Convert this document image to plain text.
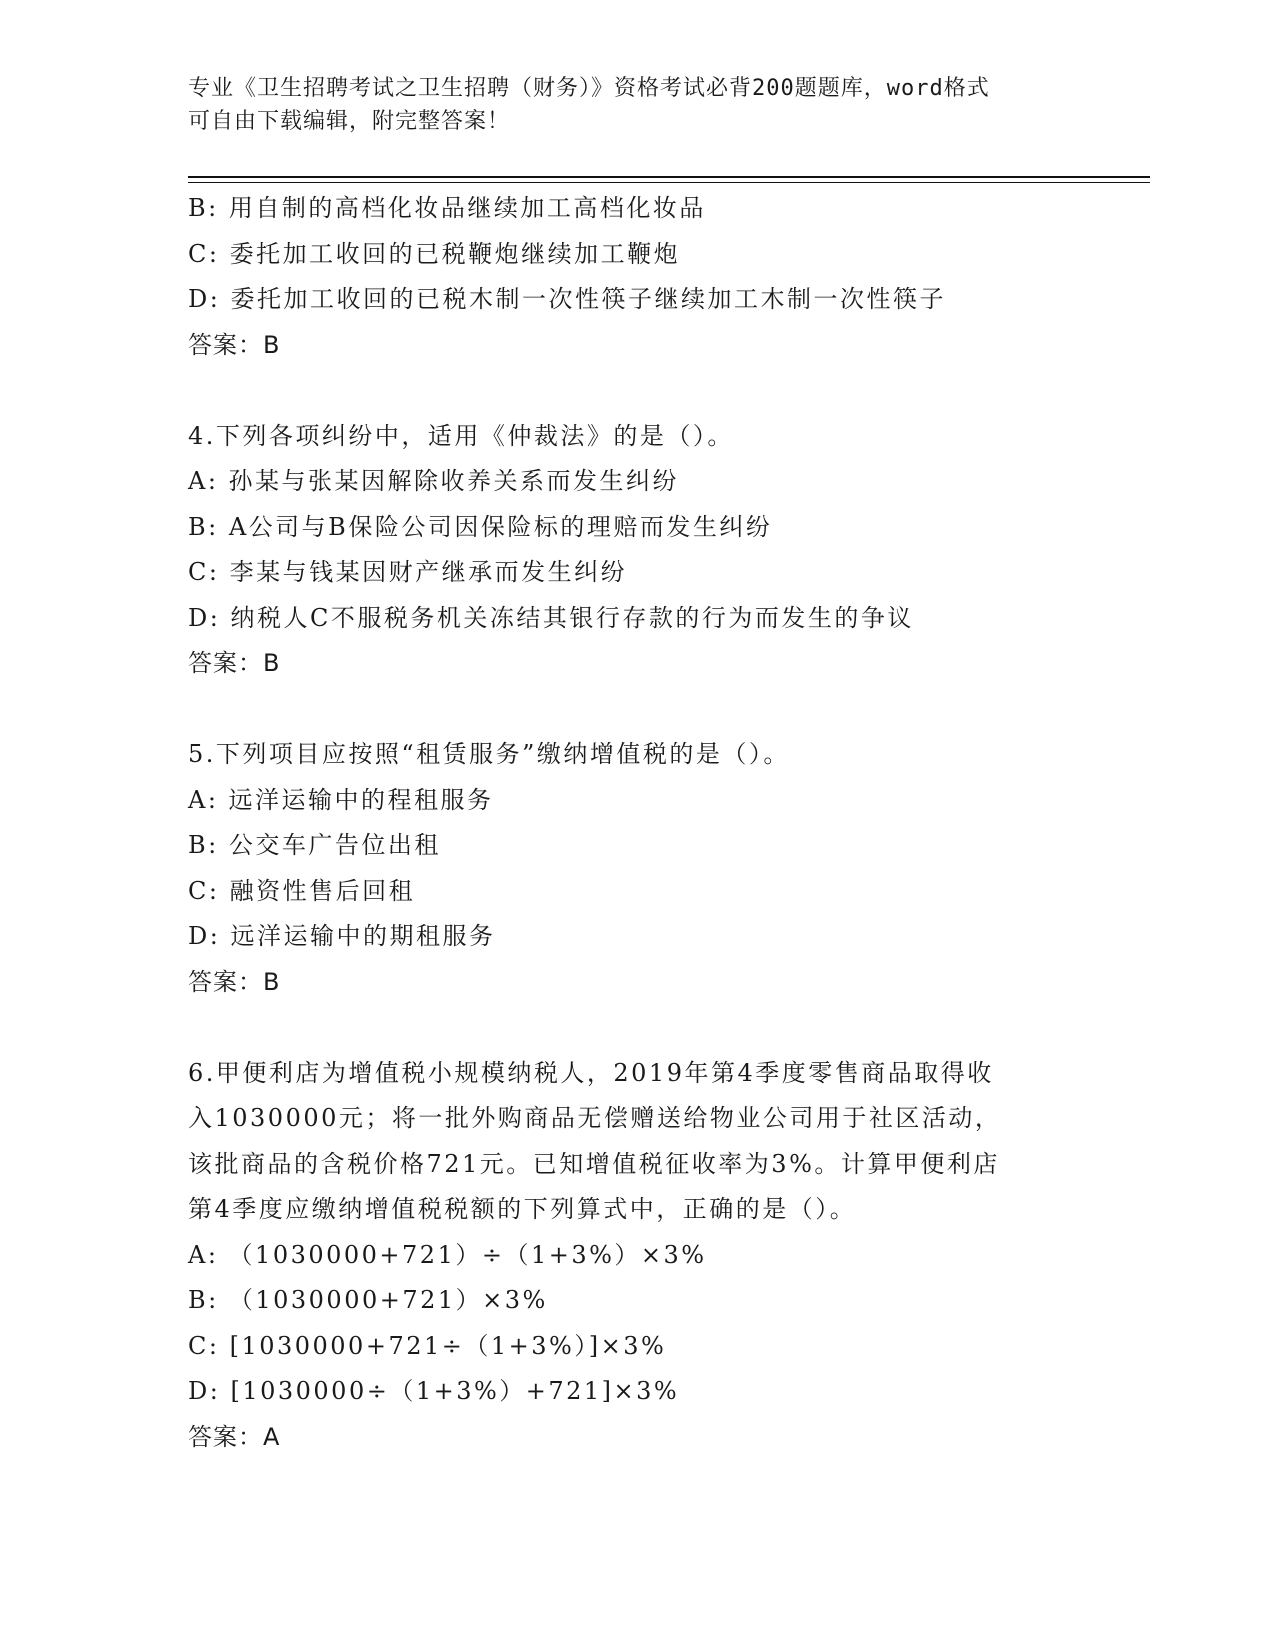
专业《卫生招聘考试之卫生招聘（财务）》资格考试必背200题题库，word格式
可自由下载编辑，附完整答案！
B: 用自制的高档化妆品继续加工高档化妆品
C: 委托加工收回的已税鞭炮继续加工鞭炮
D: 委托加工收回的已税木制一次性筷子继续加工木制一次性筷子
答案：B
4.下列各项纠纷中，适用《仲裁法》的是（）。
A: 孙某与张某因解除收养关系而发生纠纷
B: A公司与B保险公司因保险标的理赔而发生纠纷
C: 李某与钱某因财产继承而发生纠纷
D: 纳税人C不服税务机关冻结其银行存款的行为而发生的争议
答案：B
5.下列项目应按照“租赁服务”缴纳增值税的是（）。
A: 远洋运输中的程租服务
B: 公交车广告位出租
C: 融资性售后回租
D: 远洋运输中的期租服务
答案：B
6.甲便利店为增值税小规模纳税人，2019年第4季度零售商品取得收
入1030000元；将一批外购商品无偿赠送给物业公司用于社区活动，
该批商品的含税价格721元。已知增值税征收率为3%。计算甲便利店
第4季度应缴纳增值税税额的下列算式中，正确的是（）。
A: （1030000+721）÷（1+3%）×3%
B: （1030000+721）×3%
C: [1030000+721÷（1+3%）]×3%
D: [1030000÷（1+3%）+721]×3%
答案：A
